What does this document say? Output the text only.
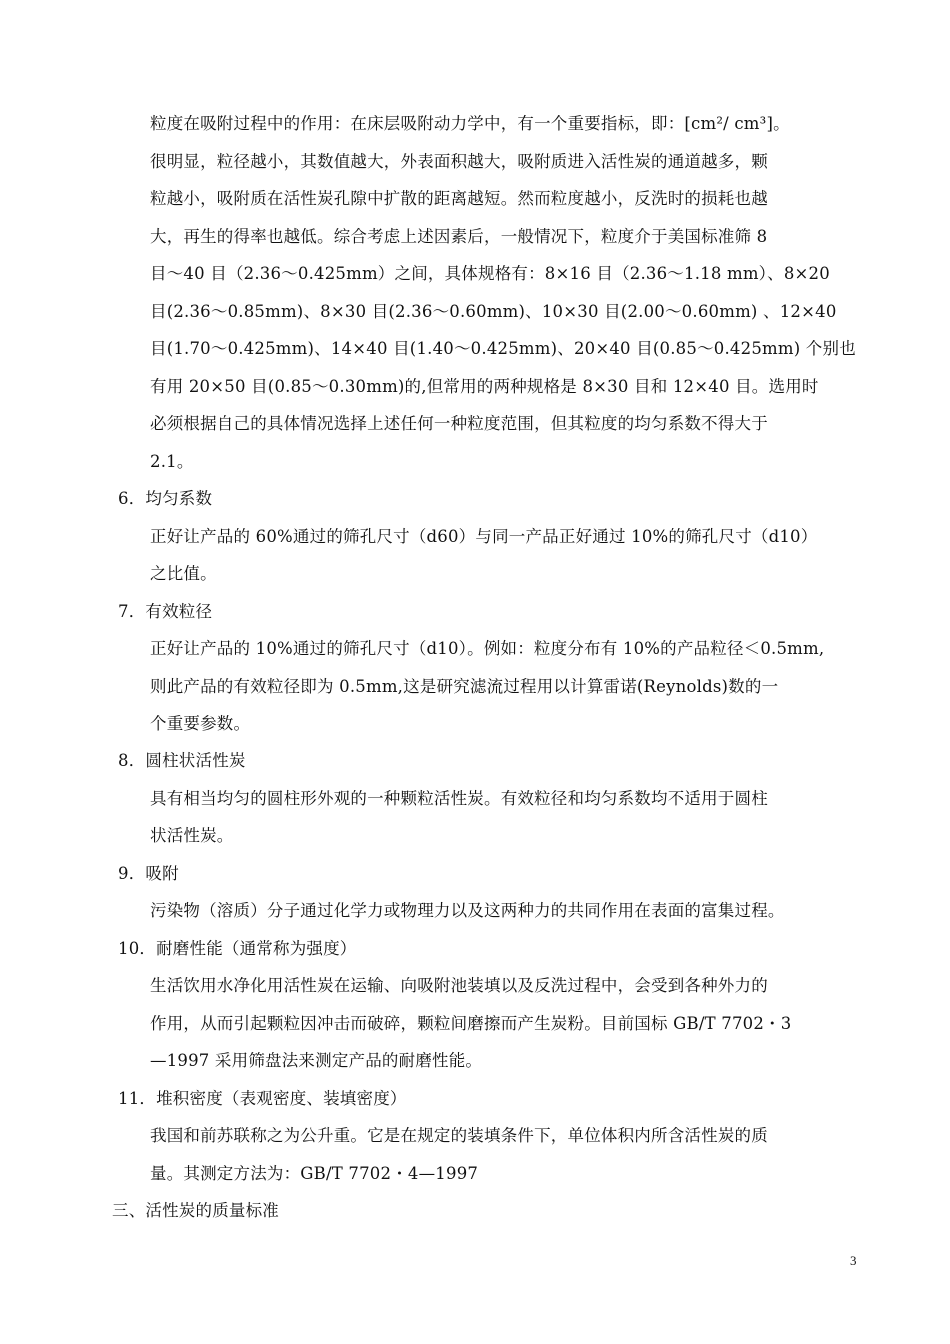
粒度在吸附过程中的作用：在床层吸附动力学中，有一个重要指标，即：[cm²/ cm³]。
很明显，粒径越小，其数值越大，外表面积越大，吸附质进入活性炭的通道越多，颗
粒越小，吸附质在活性炭孔隙中扩散的距离越短。然而粒度越小，反洗时的损耗也越
大，再生的得率也越低。综合考虑上述因素后，一般情况下，粒度介于美国标准筛 8
目～40 目（2.36～0.425mm）之间，具体规格有：8×16 目（2.36～1.18 mm）、8×20
目(2.36～0.85mm)、8×30 目(2.36～0.60mm)、10×30 目(2.00～0.60mm) 、12×40
目(1.70～0.425mm)、14×40 目(1.40～0.425mm)、20×40 目(0.85～0.425mm) 个别也
有用 20×50 目(0.85～0.30mm)的,但常用的两种规格是 8×30 目和 12×40 目。选用时
必须根据自己的具体情况选择上述任何一种粒度范围，但其粒度的均匀系数不得大于
2.1。
6．均匀系数
正好让产品的 60%通过的筛孔尺寸（d60）与同一产品正好通过 10%的筛孔尺寸（d10）
之比值。
7．有效粒径
正好让产品的 10%通过的筛孔尺寸（d10）。例如：粒度分布有 10%的产品粒径＜0.5mm,
则此产品的有效粒径即为 0.5mm,这是研究滤流过程用以计算雷诺(Reynolds)数的一
个重要参数。
8．圆柱状活性炭
具有相当均匀的圆柱形外观的一种颗粒活性炭。有效粒径和均匀系数均不适用于圆柱
状活性炭。
9．吸附
污染物（溶质）分子通过化学力或物理力以及这两种力的共同作用在表面的富集过程。
10．耐磨性能（通常称为强度）
生活饮用水净化用活性炭在运输、向吸附池装填以及反洗过程中，会受到各种外力的
作用，从而引起颗粒因冲击而破碎，颗粒间磨擦而产生炭粉。目前国标 GB/T 7702・3
—1997 采用筛盘法来测定产品的耐磨性能。
11．堆积密度（表观密度、装填密度）
我国和前苏联称之为公升重。它是在规定的装填条件下，单位体积内所含活性炭的质
量。其测定方法为：GB/T 7702・4—1997
三、活性炭的质量标准
3
